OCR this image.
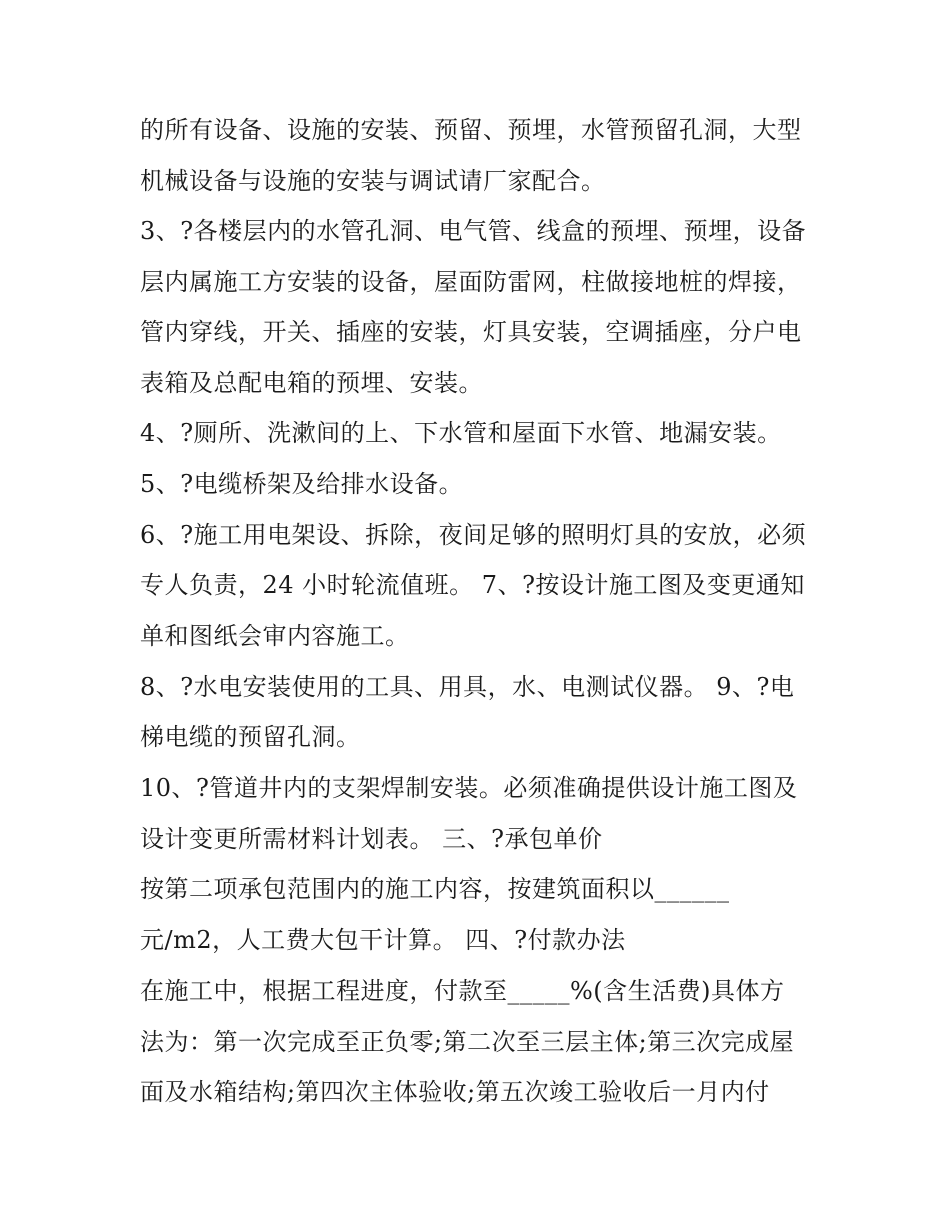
的所有设备、设施的安装、预留、预埋，水管预留孔洞，大型
机械设备与设施的安装与调试请厂家配合。
3、?各楼层内的水管孔洞、电气管、线盒的预埋、预埋，设备
层内属施工方安装的设备，屋面防雷网，柱做接地桩的焊接，
管内穿线，开关、插座的安装，灯具安装，空调插座，分户电
表箱及总配电箱的预埋、安装。
4、?厕所、洗漱间的上、下水管和屋面下水管、地漏安装。
5、?电缆桥架及给排水设备。
6、?施工用电架设、拆除，夜间足够的照明灯具的安放，必须
专人负责，24 小时轮流值班。 7、?按设计施工图及变更通知
单和图纸会审内容施工。
8、?水电安装使用的工具、用具，水、电测试仪器。 9、?电
梯电缆的预留孔洞。
10、?管道井内的支架焊制安装。必须准确提供设计施工图及
设计变更所需材料计划表。 三、?承包单价
按第二项承包范围内的施工内容，按建筑面积以______
元/m2，人工费大包干计算。 四、?付款办法
在施工中，根据工程进度，付款至_____%(含生活费)具体方
法为：第一次完成至正负零;第二次至三层主体;第三次完成屋
面及水箱结构;第四次主体验收;第五次竣工验收后一月内付
